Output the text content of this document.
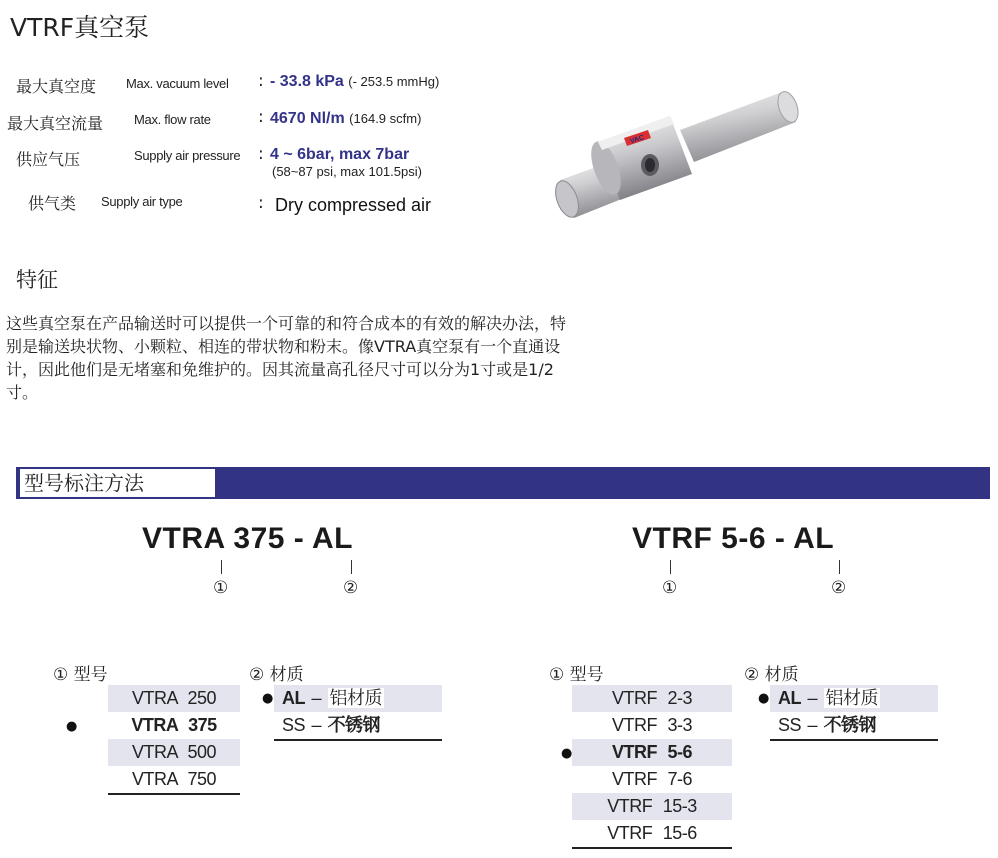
VTRF真空泵
最大真空度 Max. vacuum level : - 33.8 kPa (- 253.5 mmHg)
最大真空流量 Max. flow rate	: 4670 Nl/m (164.9 scfm)
供应气压	Supply air pressure : 4 ~ 6bar, max 7bar
(58~87 psi, max 101.5psi)
供气类 Supply air type	: Dry compressed air
VAC
特征
这些真空泵在产品输送时可以提供一个可靠的和符合成本的有效的解决办法，特别是输送块状物、小颗粒、相连的带状物和粉末。像VTRA真空泵有一个直通设计，因此他们是无堵塞和免维护的。因其流量高孔径尺寸可以分为1寸或是1/2寸。
型号标注方法
VTRA 375 - AL
①	②
① 型号
VTRA 250
VTRA 375
VTRA 500
VTRA 750
●
② 材质
AL – 铝材质
SS – 不锈钢
●
VTRF 5-6 - AL
①	②
① 型号
VTRF 2-3
VTRF 3-3
VTRF 5-6
VTRF 7-6
VTRF 15-3
VTRF 15-6
●
② 材质
AL – 铝材质
SS – 不锈钢
●
